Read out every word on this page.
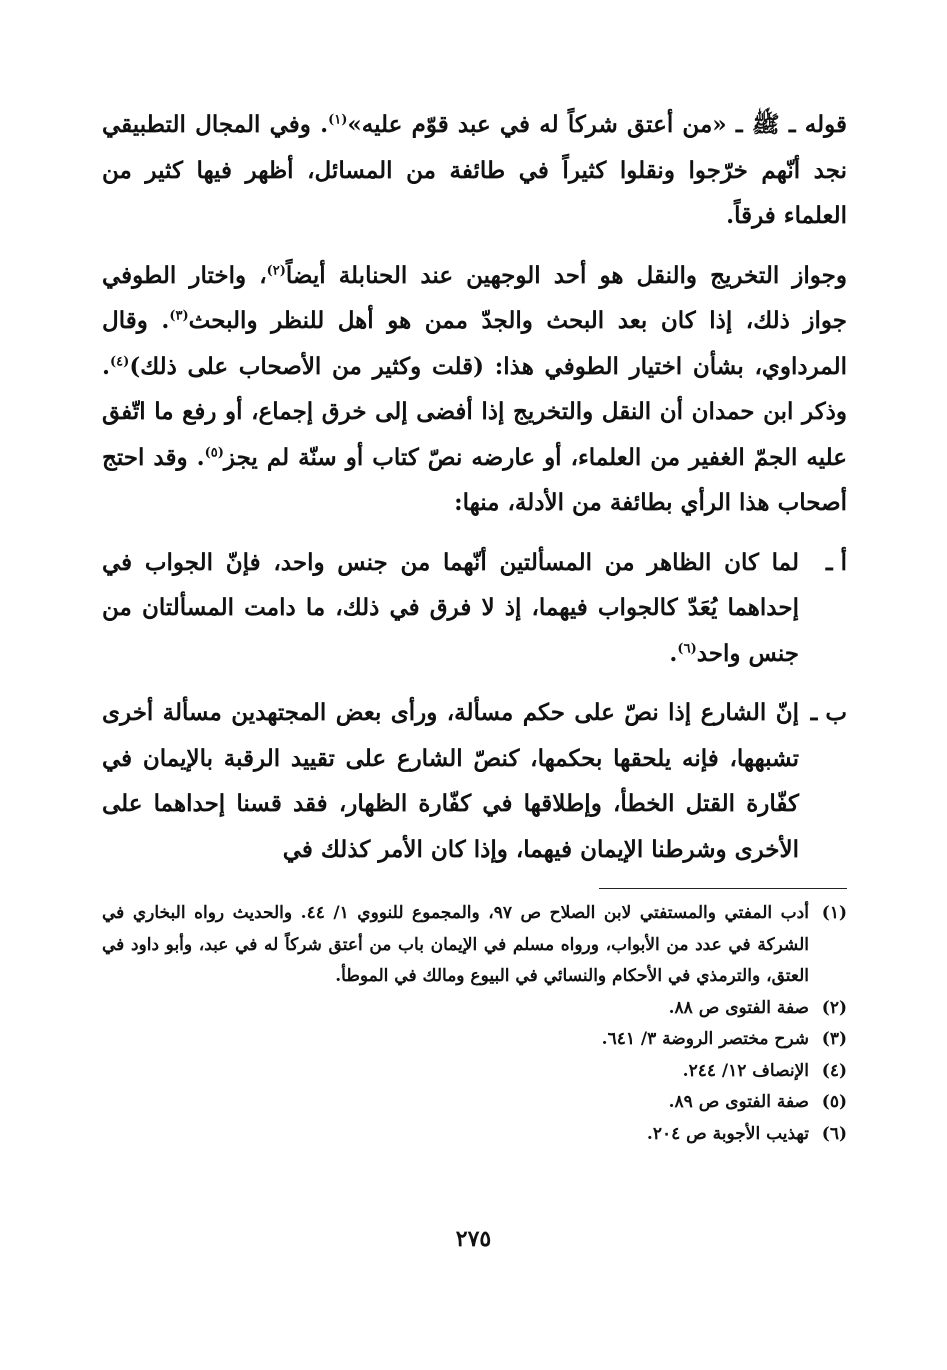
قوله ـ ﷺ ـ «من أعتق شركاً له في عبد قوّم عليه»$^{(١)}$. وفي المجال التطبيقي نجد أنّهم خرّجوا ونقلوا كثيراً في طائفة من المسائل، أظهر فيها كثير من العلماء فرقاً.

وجواز التخريج والنقل هو أحد الوجهين عند الحنابلة أيضاً$^{(٢)}$، واختار الطوفي جواز ذلك، إذا كان بعد البحث والجدّ ممن هو أهل للنظر والبحث$^{(٣)}$. وقال المرداوي، بشأن اختيار الطوفي هذا: (قلت وكثير من الأصحاب على ذلك)$^{(٤)}$. وذكر ابن حمدان أن النقل والتخريج إذا أفضى إلى خرق إجماع، أو رفع ما اتّفق عليه الجمّ الغفير من العلماء، أو عارضه نصّ كتاب أو سنّة لم يجز$^{(٥)}$. وقد احتج أصحاب هذا الرأي بطائفة من الأدلة، منها:

أ ـ
لما كان الظاهر من المسألتين أنّهما من جنس واحد، فإنّ الجواب في إحداهما يُعَدّ كالجواب فيهما، إذ لا فرق في ذلك، ما دامت المسألتان من جنس واحد$^{(٦)}$.
ب ـ
إنّ الشارع إذا نصّ على حكم مسألة، ورأى بعض المجتهدين مسألة أخرى تشبهها، فإنه يلحقها بحكمها، كنصّ الشارع على تقييد الرقبة بالإيمان في كفّارة القتل الخطأ، وإطلاقها في كفّارة الظهار، فقد قسنا إحداهما على الأخرى وشرطنا الإيمان فيهما، وإذا كان الأمر كذلك في
(١)
أدب المفتي والمستفتي لابن الصلاح ص ٩٧، والمجموع للنووي ١/ ٤٤. والحديث رواه البخاري في الشركة في عدد من الأبواب، ورواه مسلم في الإيمان باب من أعتق شركاً له في عبد، وأبو داود في العتق، والترمذي في الأحكام والنسائي في البيوع ومالك في الموطأ.
(٢)
صفة الفتوى ص ٨٨.
(٣)
شرح مختصر الروضة ٣/ ٦٤١.
(٤)
الإنصاف ١٢/ ٢٤٤.
(٥)
صفة الفتوى ص ٨٩.
(٦)
تهذيب الأجوبة ص ٢٠٤.
٢٧٥
